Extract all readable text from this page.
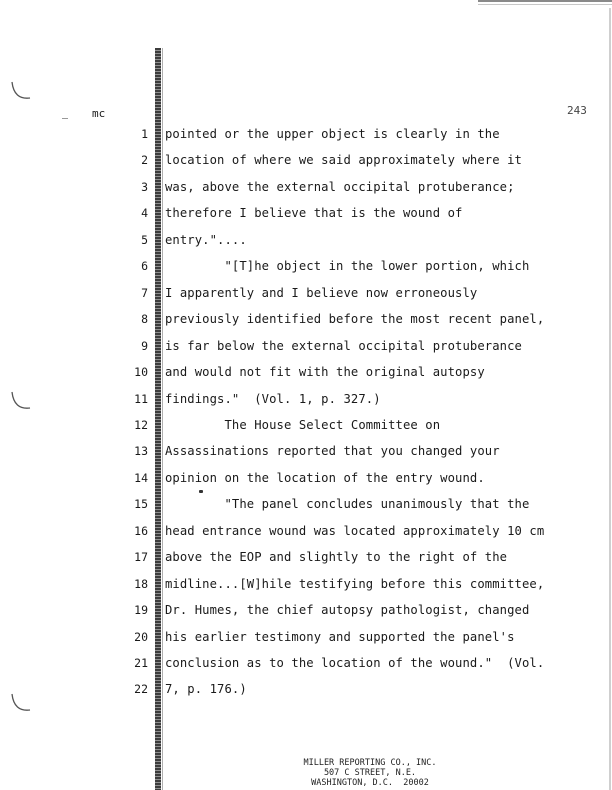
mc	243
1 pointed or the upper object is clearly in the
2 location of where we said approximately where it
3 was, above the external occipital protuberance;
4 therefore I believe that is the wound of
5 entry."....
6 "[T]he object in the lower portion, which
7 I apparently and I believe now erroneously
8 previously identified before the most recent panel,
9 is far below the external occipital protuberance
10 and would not fit with the original autopsy
11 findings."  (Vol. 1, p. 327.)
12 The House Select Committee on
13 Assassinations reported that you changed your
14 opinion on the location of the entry wound.
15 "The panel concludes unanimously that the
16 head entrance wound was located approximately 10 cm
17 above the EOP and slightly to the right of the
18 midline...[W]hile testifying before this committee,
19 Dr. Humes, the chief autopsy pathologist, changed
20 his earlier testimony and supported the panel's
21 conclusion as to the location of the wound."  (Vol.
22 7, p. 176.)
MILLER REPORTING CO., INC.
507 C STREET, N.E.
WASHINGTON, D.C.  20002
